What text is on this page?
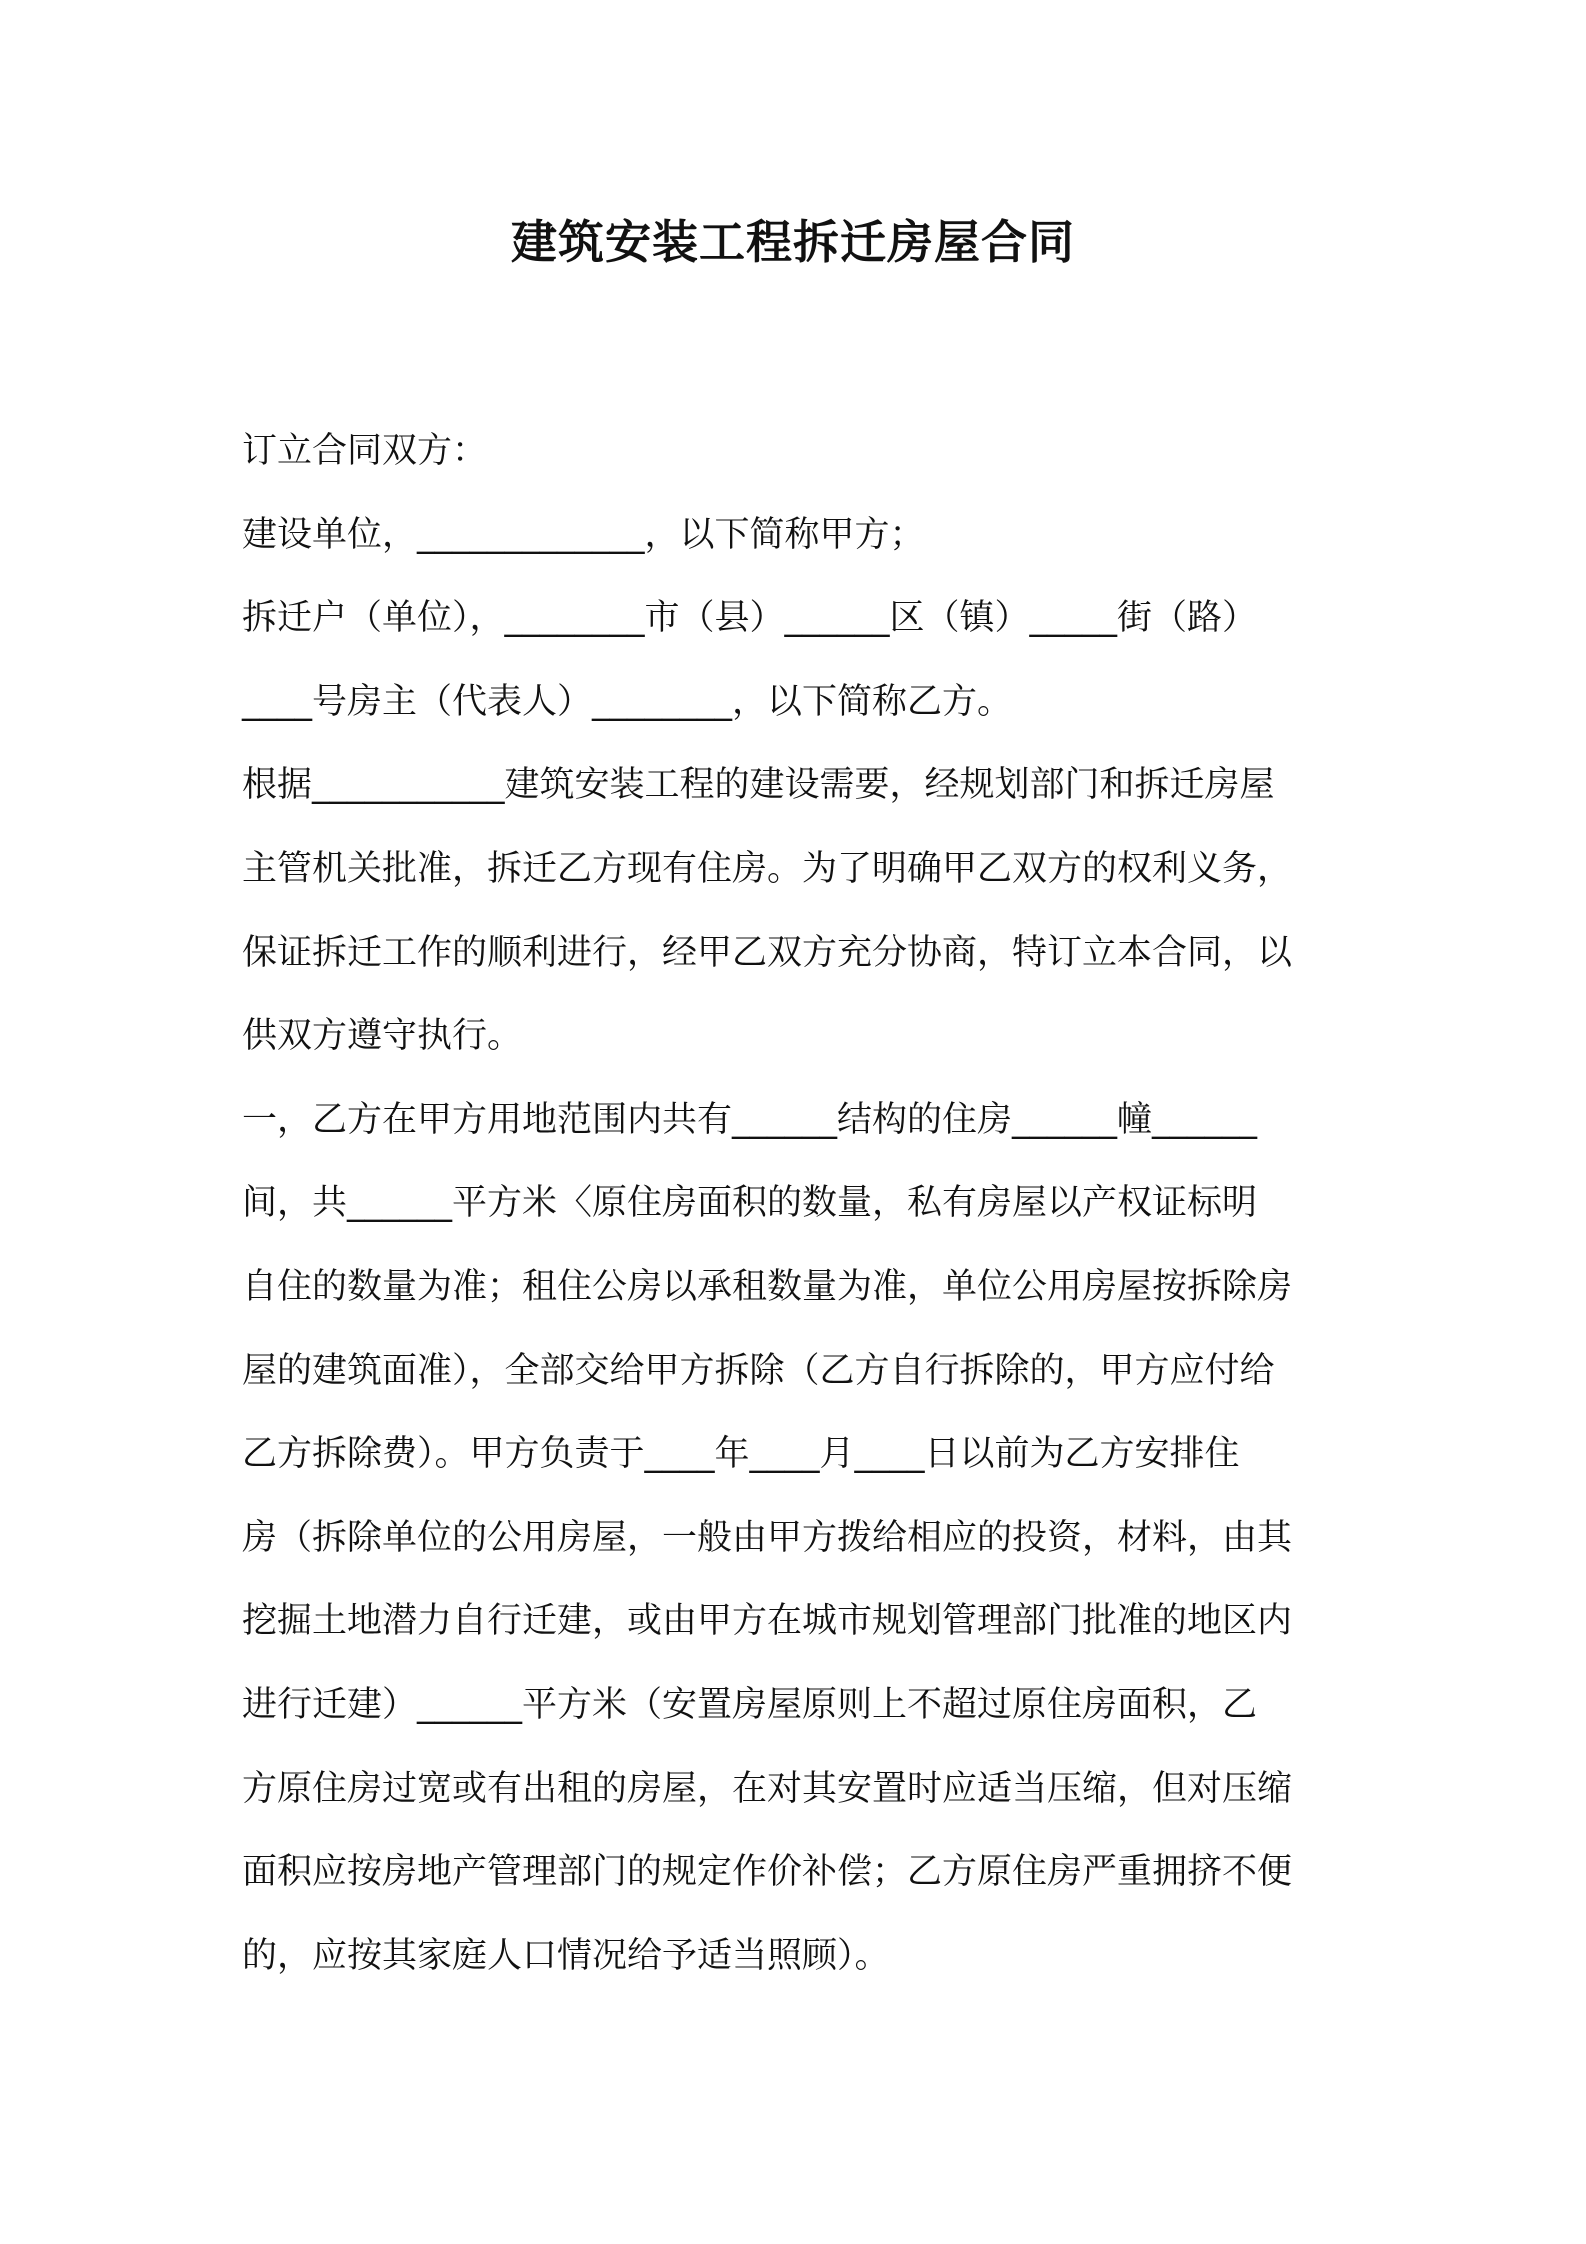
建筑安装工程拆迁房屋合同

订立合同双方：

建设单位，_____________，以下简称甲方；

拆迁户（单位），________市（县）______区（镇）_____街（路）

____号房主（代表人）________，以下简称乙方。

根据___________建筑安装工程的建设需要，经规划部门和拆迁房屋

主管机关批准，拆迁乙方现有住房。为了明确甲乙双方的权利义务，

保证拆迁工作的顺利进行，经甲乙双方充分协商，特订立本合同，以

供双方遵守执行。

一，乙方在甲方用地范围内共有______结构的住房______幢______

间，共______平方米〈原住房面积的数量，私有房屋以产权证标明

自住的数量为准；租住公房以承租数量为准，单位公用房屋按拆除房

屋的建筑面准），全部交给甲方拆除（乙方自行拆除的，甲方应付给

乙方拆除费）。甲方负责于____年____月____日以前为乙方安排住

房（拆除单位的公用房屋，一般由甲方拨给相应的投资，材料，由其

挖掘土地潜力自行迁建，或由甲方在城市规划管理部门批准的地区内

进行迁建）______平方米（安置房屋原则上不超过原住房面积，乙

方原住房过宽或有出租的房屋，在对其安置时应适当压缩，但对压缩

面积应按房地产管理部门的规定作价补偿；乙方原住房严重拥挤不便

的，应按其家庭人口情况给予适当照顾）。
